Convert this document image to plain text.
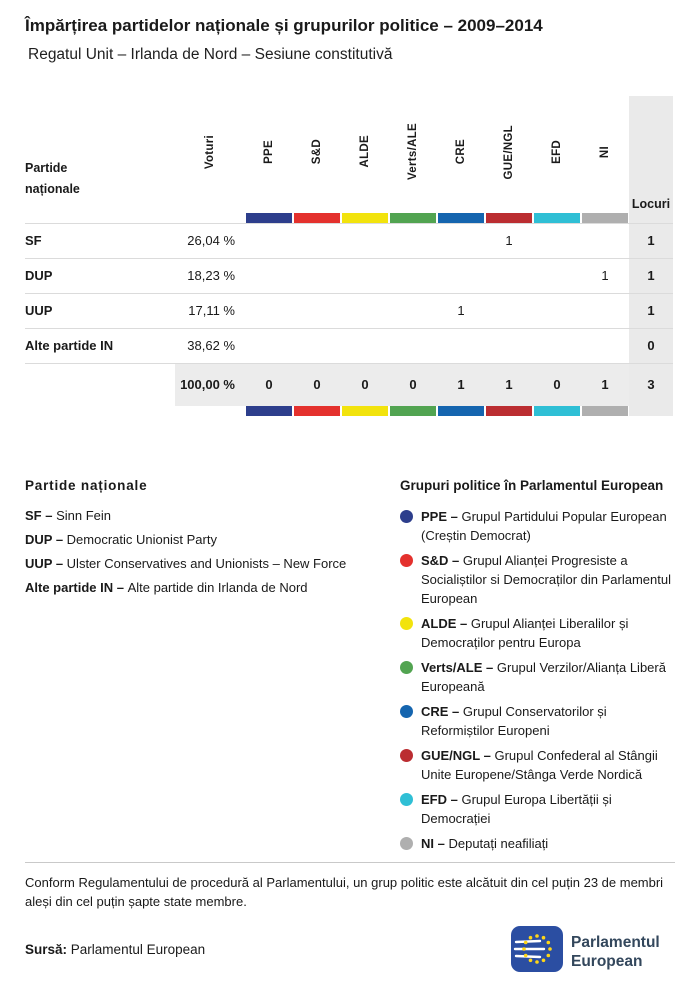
Împărțirea partidelor naționale și grupurilor politice – 2009–2014
Regatul Unit – Irlanda de Nord – Sesiune constitutivă
Partide
naționale	Voturi	PPE	S&D	ALDE	Verts/ALE	CRE	GUE/NGL	EFD	NI	Locuri

SF	26,04 %						1			1
DUP	18,23 %								1	1
UUP	17,11 %					1				1
Alte partide IN	38,62 %									0
	100,00 %	0	0	0	0	1	1	0	1	3

Partide naționale
SF – Sinn Fein
DUP – Democratic Unionist Party
UUP – Ulster Conservatives and Unionists – New Force
Alte partide IN – Alte partide din Irlanda de Nord
Grupuri politice în Parlamentul European
PPE – Grupul Partidului Popular European (Creștin Democrat)
S&D – Grupul Alianței Progresiste a Socialiștilor si Democraților din Parlamentul European
ALDE – Grupul Alianței Liberalilor și Democraților pentru Europa
Verts/ALE – Grupul Verzilor/Alianța Liberă Europeană
CRE – Grupul Conservatorilor și Reformiștilor Europeni
GUE/NGL – Grupul Confederal al Stângii Unite Europene/Stânga Verde Nordică
EFD – Grupul Europa Libertății și Democrației
NI – Deputați neafiliați
Conform Regulamentului de procedură al Parlamentului, un grup politic este alcătuit din cel puțin 23 de membri aleși din cel puțin șapte state membre.
Sursă: Parlamentul European	Parlamentul
European
